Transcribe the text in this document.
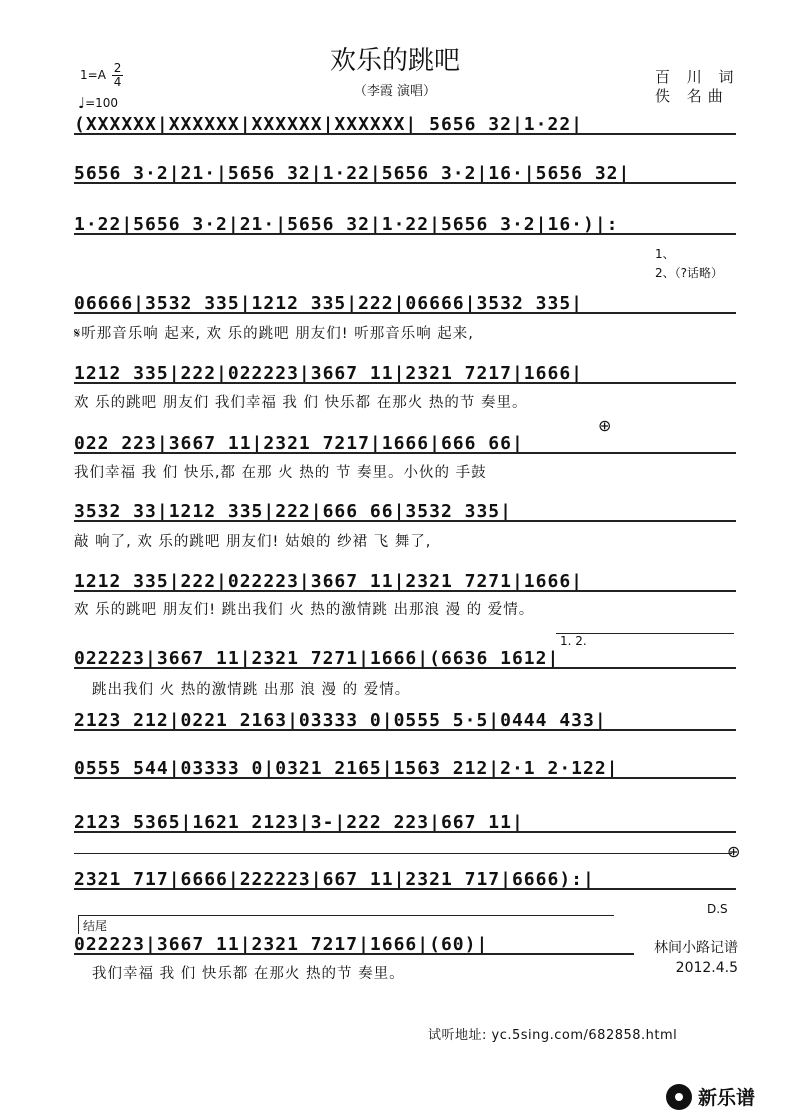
欢乐的跳吧
（李霞 演唱）
$1=A \frac{2}{4}$
♩=100
百 川 词
佚 名曲
(XXXXXX|XXXXXX|XXXXXX|XXXXXX| 5656 32|1·22|
5656 3·2|21·|5656 32|1·22|5656 3·2|16·|5656 32|
1·22|5656 3·2|21·|5656 32|1·22|5656 3·2|16·)|:
1、
2、（?话略）
06666|3532 335|1212 335|222|06666|3532 335|
𝄋听那音乐响 起来, 欢 乐的跳吧 朋友们! 听那音乐响 起来,
1212 335|222|022223|3667 11|2321 7217|1666|
欢 乐的跳吧 朋友们 我们幸福 我 们 快乐都 在那火 热的节 奏里。
⊕
022 223|3667 11|2321 7217|1666|666 66|
我们幸福 我 们 快乐,都 在那 火 热的 节 奏里。小伙的 手鼓
3532 33|1212 335|222|666 66|3532 335|
敲 响了, 欢 乐的跳吧 朋友们! 姑娘的 纱裙 飞 舞了,
1212 335|222|022223|3667 11|2321 7271|1666|
欢 乐的跳吧 朋友们! 跳出我们 火 热的激情跳 出那浪 漫 的 爱情。
1. 2.
022223|3667 11|2321 7271|1666|(6636 1612|
跳出我们 火 热的激情跳 出那 浪 漫 的 爱情。
2123 212|0221 2163|03333 0|0555 5·5|0444 433|
0555 544|03333 0|0321 2165|1563 212|2·1 2·122|
2123 5365|1621 2123|3-|222 223|667 11|
⊕
2321 717|6666|222223|667 11|2321 717|6666):|
D.S
结尾
022223|3667 11|2321 7217|1666|(60)|
我们幸福 我 们 快乐都 在那火 热的节 奏里。
林间小路记谱
2012.4.5
试听地址: yc.5sing.com/682858.html
新乐谱
